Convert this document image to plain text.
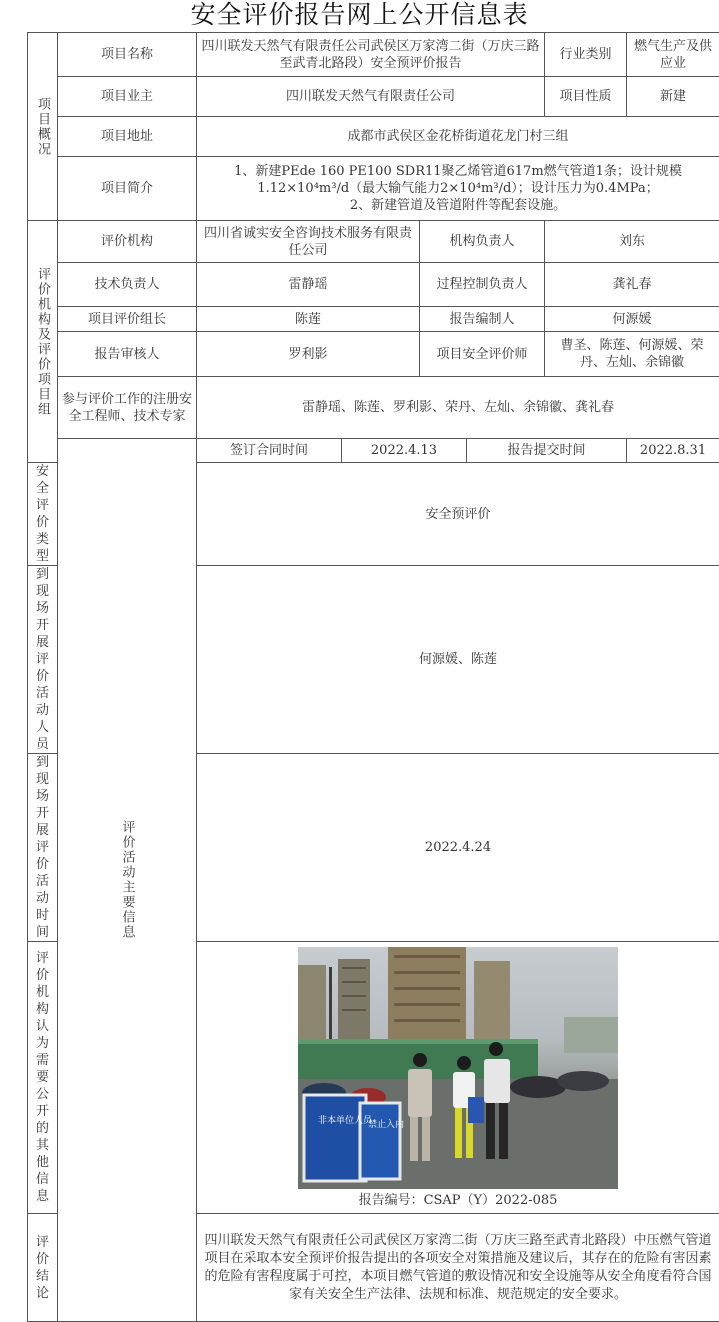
安全评价报告网上公开信息表
项目概况	项目名称	四川联发天然气有限责任公司武侯区万家湾二街（万庆三路至武青北路段）安全预评价报告				行业类别	燃气生产及供应业
	项目业主	四川联发天然气有限责任公司				项目性质	新建
	项目地址	成都市武侯区金花桥街道花龙门村三组					
	项目简介	1、新建PEde 160 PE100 SDR11聚乙烯管道617m燃气管道1条；设计规模1.12×10⁴m³/d（最大输气能力2×10⁴m³/d）；设计压力为0.4MPa；
2、新建管道及管道附件等配套设施。					

评价机构及评价项目组	评价机构	四川省诚实安全咨询技术服务有限责任公司		机构负责人		刘东	
	技术负责人	雷静瑶		过程控制负责人		龚礼春	
	项目评价组长	陈莲		报告编制人		何源媛	
	报告审核人	罗利影		项目安全评价师		曹圣、陈莲、何源媛、荣丹、左灿、余锦徽	
	参与评价工作的注册安全工程师、技术专家	雷静瑶、陈莲、罗利影、荣丹、左灿、余锦徽、龚礼春					
	评价活动主要信息	签订合同时间	2022.4.13		报告提交时间		2022.8.31
安全评价类型		安全预评价					
到现场开展评价活动人员		何源媛、陈莲					
到现场开展评价活动时间		2022.4.24					
评价机构认为需要公开的其他信息		非本单位人员
禁止入内
报告编号：CSAP（Y）2022-085					

评价结论		四川联发天然气有限责任公司武侯区万家湾二街（万庆三路至武青北路段）中压燃气管道项目在采取本安全预评价报告提出的各项安全对策措施及建议后，其存在的危险有害因素的危险有害程度属于可控，本项目燃气管道的敷设情况和安全设施等从安全角度看符合国家有关安全生产法律、法规和标准、规范规定的安全要求。					
